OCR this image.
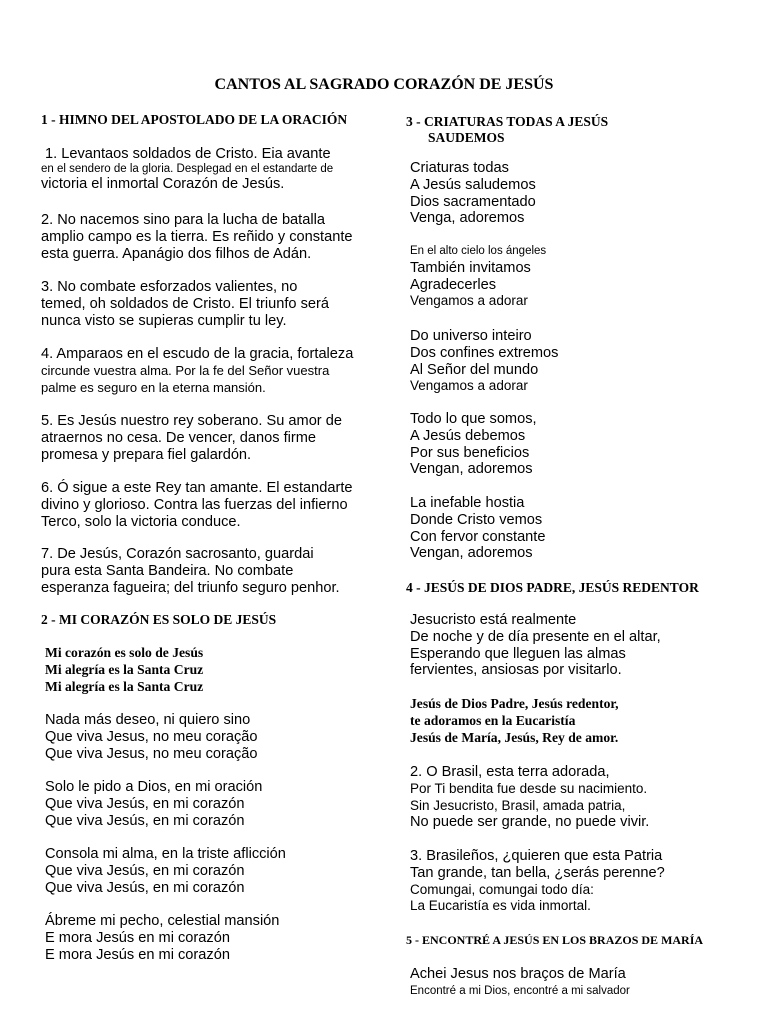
CANTOS AL SAGRADO CORAZÓN DE JESÚS
1 - HIMNO DEL APOSTOLADO DE LA ORACIÓN
1. Levantaos soldados de Cristo. Eia avante
en el sendero de la gloria. Desplegad en el estandarte de
victoria el inmortal Corazón de Jesús.
2. No nacemos sino para la lucha de batalla
amplio campo es la tierra. Es reñido y constante
esta guerra. Apanágio dos filhos de Adán.
3. No combate esforzados valientes, no
temed, oh soldados de Cristo. El triunfo será
nunca visto se supieras cumplir tu ley.
4. Amparaos en el escudo de la gracia, fortaleza
circunde vuestra alma. Por la fe del Señor vuestra
palme es seguro en la eterna mansión.
5. Es Jesús nuestro rey soberano. Su amor de
atraernos no cesa. De vencer, danos firme
promesa y prepara fiel galardón.
6. Ó sigue a este Rey tan amante. El estandarte
divino y glorioso. Contra las fuerzas del infierno
Terco, solo la victoria conduce.
7. De Jesús, Corazón sacrosanto, guardai
pura esta Santa Bandeira. No combate
esperanza fagueira; del triunfo seguro penhor.
2 - MI CORAZÓN ES SOLO DE JESÚS
Mi corazón es solo de Jesús
Mi alegría es la Santa Cruz
Mi alegría es la Santa Cruz
Nada más deseo, ni quiero sino
Que viva Jesus, no meu coração
Que viva Jesus, no meu coração
Solo le pido a Dios, en mi oración
Que viva Jesús, en mi corazón
Que viva Jesús, en mi corazón
Consola mi alma, en la triste aflicción
Que viva Jesús, en mi corazón
Que viva Jesús, en mi corazón
Ábreme mi pecho, celestial mansión
E mora Jesús en mi corazón
E mora Jesús en mi corazón
3 - CRIATURAS TODAS A JESÚS
SAUDEMOS
Criaturas todas
A Jesús saludemos
Dios sacramentado
Venga, adoremos
En el alto cielo los ángeles
También invitamos
Agradecerles
Vengamos a adorar
Do universo inteiro
Dos confines extremos
Al Señor del mundo
Vengamos a adorar
Todo lo que somos,
A Jesús debemos
Por sus beneficios
Vengan, adoremos
La inefable hostia
Donde Cristo vemos
Con fervor constante
Vengan, adoremos
4 - JESÚS DE DIOS PADRE, JESÚS REDENTOR
Jesucristo está realmente
De noche y de día presente en el altar,
Esperando que lleguen las almas
fervientes, ansiosas por visitarlo.
Jesús de Dios Padre, Jesús redentor,
te adoramos en la Eucaristía
Jesús de María, Jesús, Rey de amor.
2. O Brasil, esta terra adorada,
Por Ti bendita fue desde su nacimiento.
Sin Jesucristo, Brasil, amada patria,
No puede ser grande, no puede vivir.
3. Brasileños, ¿quieren que esta Patria
Tan grande, tan bella, ¿serás perenne?
Comungai, comungai todo día:
La Eucaristía es vida inmortal.
5 - ENCONTRÉ A JESÚS EN LOS BRAZOS DE MARÍA
Achei Jesus nos braços de María
Encontré a mi Dios, encontré a mi salvador
